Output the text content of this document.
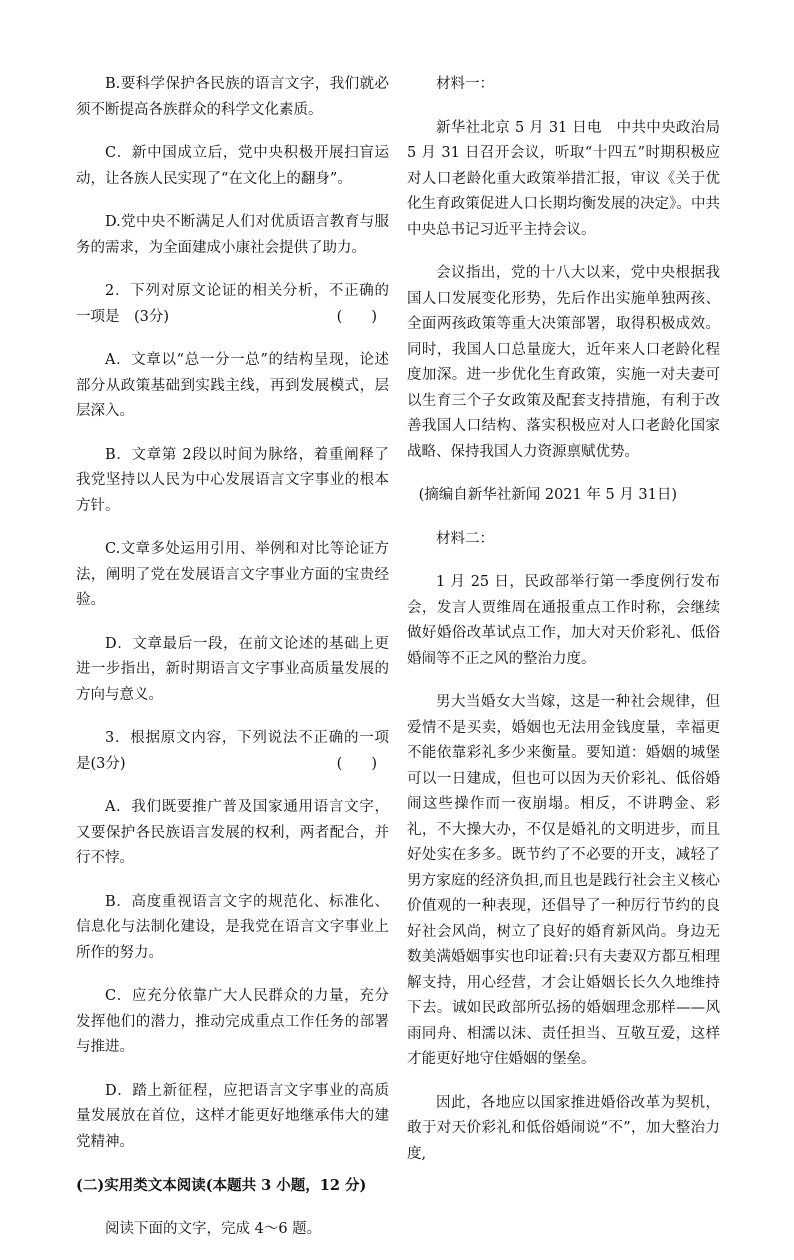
B.要科学保护各民族的语言文字，我们就必须不断提高各族群众的科学文化素质。

C．新中国成立后，党中央积极开展扫盲运动，让各族人民实现了“在文化上的翻身”。

D.党中央不断满足人们对优质语言教育与服务的需求，为全面建成小康社会提供了助力。

2．下列对原文论证的相关分析，不正确的一项是　(3分)	(　　)

A．文章以“总一分一总”的结构呈现，论述部分从政策基础到实践主线，再到发展模式，层层深入。

B．文章第 2段以时间为脉络，着重阐释了我党坚持以人民为中心发展语言文字事业的根本方针。

C.文章多处运用引用、举例和对比等论证方法，阐明了党在发展语言文字事业方面的宝贵经验。

D．文章最后一段，在前文论述的基础上更进一步指出，新时期语言文字事业高质量发展的方向与意义。

3．根据原文内容，下列说法不正确的一项是(3分)	(　　)

A．我们既要推广普及国家通用语言文字，又要保护各民族语言发展的权利，两者配合，并行不悖。

B．高度重视语言文字的规范化、标准化、信息化与法制化建设，是我党在语言文字事业上所作的努力。

C．应充分依靠广大人民群众的力量，充分发挥他们的潜力，推动完成重点工作任务的部署与推进。

D．踏上新征程，应把语言文字事业的高质量发展放在首位，这样才能更好地继承伟大的建党精神。

(二)实用类文本阅读(本题共 3 小题，12 分)

阅读下面的文字，完成 4～6 题。

材料一：

新华社北京 5 月 31 日电　中共中央政治局 5 月 31 日召开会议，听取“十四五”时期积极应对人口老龄化重大政策举措汇报，审议《关于优化生育政策促进人口长期均衡发展的决定》。中共中央总书记习近平主持会议。

会议指出，党的十八大以来，党中央根据我国人口发展变化形势，先后作出实施单独两孩、全面两孩政策等重大决策部署，取得积极成效。同时，我国人口总量庞大，近年来人口老龄化程度加深。进一步优化生育政策，实施一对夫妻可以生育三个子女政策及配套支持措施，有利于改善我国人口结构、落实积极应对人口老龄化国家战略、保持我国人力资源禀赋优势。

(摘编自新华社新闻 2021 年 5 月 31日)

材料二：

1 月 25 日，民政部举行第一季度例行发布会，发言人贾维周在通报重点工作时称，会继续做好婚俗改革试点工作，加大对天价彩礼、低俗婚闹等不正之风的整治力度。

男大当婚女大当嫁，这是一种社会规律，但爱情不是买卖，婚姻也无法用金钱度量，幸福更不能依靠彩礼多少来衡量。要知道：婚姻的城堡可以一日建成，但也可以因为天价彩礼、低俗婚闹这些操作而一夜崩塌。相反，不讲聘金、彩礼，不大操大办，不仅是婚礼的文明进步，而且好处实在多多。既节约了不必要的开支，减轻了男方家庭的经济负担,而且也是践行社会主义核心价值观的一种表现，还倡导了一种厉行节约的良好社会风尚，树立了良好的婚育新风尚。身边无数美满婚姻事实也印证着:只有夫妻双方都互相理解支持，用心经营，才会让婚姻长长久久地维持下去。诚如民政部所弘扬的婚姻理念那样——风雨同舟、相濡以沫、责任担当、互敬互爱，这样才能更好地守住婚姻的堡垒。

因此，各地应以国家推进婚俗改革为契机，敢于对天价彩礼和低俗婚闹说“不”，加大整治力度,
